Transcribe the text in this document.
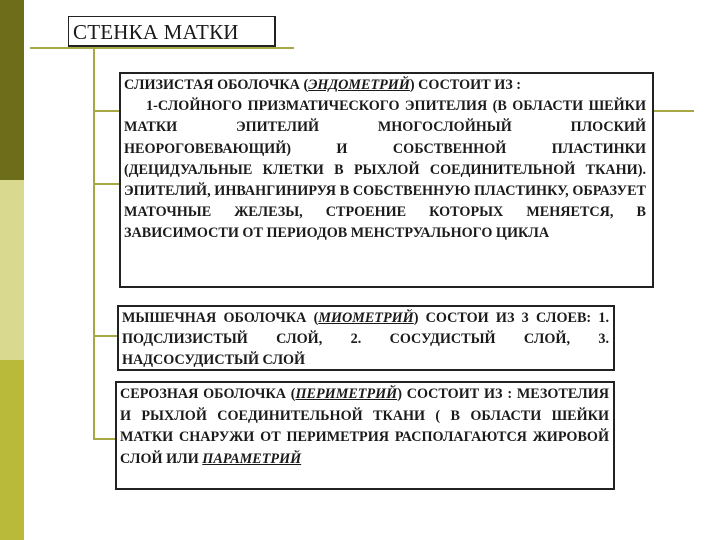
СТЕНКА МАТКИ
СЛИЗИСТАЯ ОБОЛОЧКА (ЭНДОМЕТРИЙ) СОСТОИТ ИЗ :
1-СЛОЙНОГО ПРИЗМАТИЧЕСКОГО ЭПИТЕЛИЯ (В ОБЛАСТИ ШЕЙКИ МАТКИ ЭПИТЕЛИЙ МНОГОСЛОЙНЫЙ ПЛОСКИЙ НЕОРОГОВЕВАЮЩИЙ) И СОБСТВЕННОЙ ПЛАСТИНКИ (ДЕЦИДУАЛЬНЫЕ КЛЕТКИ В РЫХЛОЙ СОЕДИНИТЕЛЬНОЙ ТКАНИ). ЭПИТЕЛИЙ, ИНВАНГИНИРУЯ В СОБСТВЕННУЮ ПЛАСТИНКУ, ОБРАЗУЕТ МАТОЧНЫЕ ЖЕЛЕЗЫ, СТРОЕНИЕ КОТОРЫХ МЕНЯЕТСЯ, В ЗАВИСИМОСТИ ОТ ПЕРИОДОВ МЕНСТРУАЛЬНОГО ЦИКЛА
МЫШЕЧНАЯ ОБОЛОЧКА (МИОМЕТРИЙ) СОСТОИ ИЗ 3 СЛОЕВ: 1. ПОДСЛИЗИСТЫЙ СЛОЙ, 2. СОСУДИСТЫЙ СЛОЙ, 3. НАДСОСУДИСТЫЙ СЛОЙ
СЕРОЗНАЯ ОБОЛОЧКА (ПЕРИМЕТРИЙ) СОСТОИТ ИЗ : МЕЗОТЕЛИЯ И РЫХЛОЙ СОЕДИНИТЕЛЬНОЙ ТКАНИ ( В ОБЛАСТИ ШЕЙКИ МАТКИ СНАРУЖИ ОТ ПЕРИМЕТРИЯ РАСПОЛАГАЮТСЯ ЖИРОВОЙ СЛОЙ ИЛИ ПАРАМЕТРИЙ
